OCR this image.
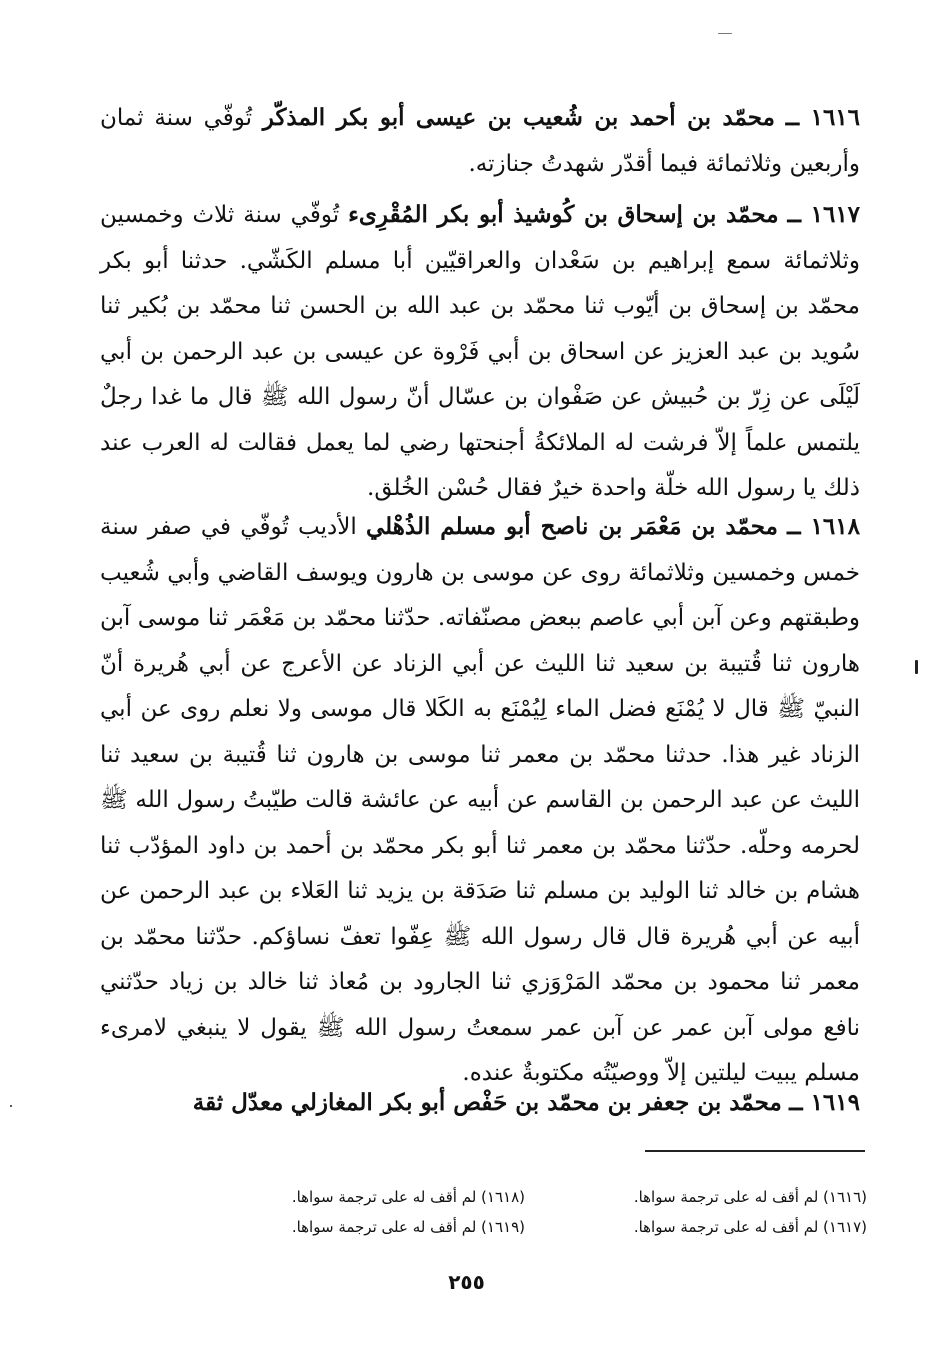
١٦١٦ ــ محمّد بن أحمد بن شُعيب بن عيسى أبو بكر المذكّر تُوفّي سنة ثمان وأربعين وثلاثمائة فيما أقدّر شهدتُ جنازته.

١٦١٧ ــ محمّد بن إسحاق بن كُوشيذ أبو بكر المُقْرِىء تُوفّي سنة ثلاث وخمسين وثلاثمائة سمع إبراهيم بن سَعْدان والعراقيّين أبا مسلم الكَشّي. حدثنا أبو بكر محمّد بن إسحاق بن أيّوب ثنا محمّد بن عبد الله بن الحسن ثنا محمّد بن بُكير ثنا سُويد بن عبد العزيز عن اسحاق بن أبي فَرْوة عن عيسى بن عبد الرحمن بن أبي لَيْلَى عن زِرّ بن حُبيش عن صَفْوان بن عسّال أنّ رسول الله ﷺ قال ما غدا رجلٌ يلتمس علماً إلاّ فرشت له الملائكةُ أجنحتها رضي لما يعمل فقالت له العرب عند ذلك يا رسول الله خلّة واحدة خيرٌ فقال حُسْن الخُلق.

١٦١٨ ــ محمّد بن مَعْمَر بن ناصح أبو مسلم الذُهْلي الأديب تُوفّي في صفر سنة خمس وخمسين وثلاثمائة روى عن موسى بن هارون ويوسف القاضي وأبي شُعيب وطبقتهم وعن آبن أبي عاصم ببعض مصنّفاته. حدّثنا محمّد بن مَعْمَر ثنا موسى آبن هارون ثنا قُتيبة بن سعيد ثنا الليث عن أبي الزناد عن الأعرج عن أبي هُريرة أنّ النبيّ ﷺ قال لا يُمْنَع فضل الماء لِيُمْنَع به الكَلا قال موسى ولا نعلم روى عن أبي الزناد غير هذا. حدثنا محمّد بن معمر ثنا موسى بن هارون ثنا قُتيبة بن سعيد ثنا الليث عن عبد الرحمن بن القاسم عن أبيه عن عائشة قالت طيّبتُ رسول الله ﷺ لحرمه وحلّه. حدّثنا محمّد بن معمر ثنا أبو بكر محمّد بن أحمد بن داود المؤدّب ثنا هشام بن خالد ثنا الوليد بن مسلم ثنا صَدَقة بن يزيد ثنا العَلاء بن عبد الرحمن عن أبيه عن أبي هُريرة قال قال رسول الله ﷺ عِفّوا تعفّ نساؤكم. حدّثنا محمّد بن معمر ثنا محمود بن محمّد المَرْوَزي ثنا الجارود بن مُعاذ ثنا خالد بن زياد حدّثني نافع مولى آبن عمر عن آبن عمر سمعتُ رسول الله ﷺ يقول لا ينبغي لامرىء مسلم يبيت ليلتين إلاّ ووصيّتُه مكتوبةٌ عنده.

١٦١٩ ــ محمّد بن جعفر بن محمّد بن حَفْص أبو بكر المغازلي معدّل ثقة

(١٦١٦) لم أقف له على ترجمة سواها.
(١٦١٧) لم أقف له على ترجمة سواها.
(١٦١٨) لم أقف له على ترجمة سواها.
(١٦١٩) لم أقف له على ترجمة سواها.
٢٥٥
